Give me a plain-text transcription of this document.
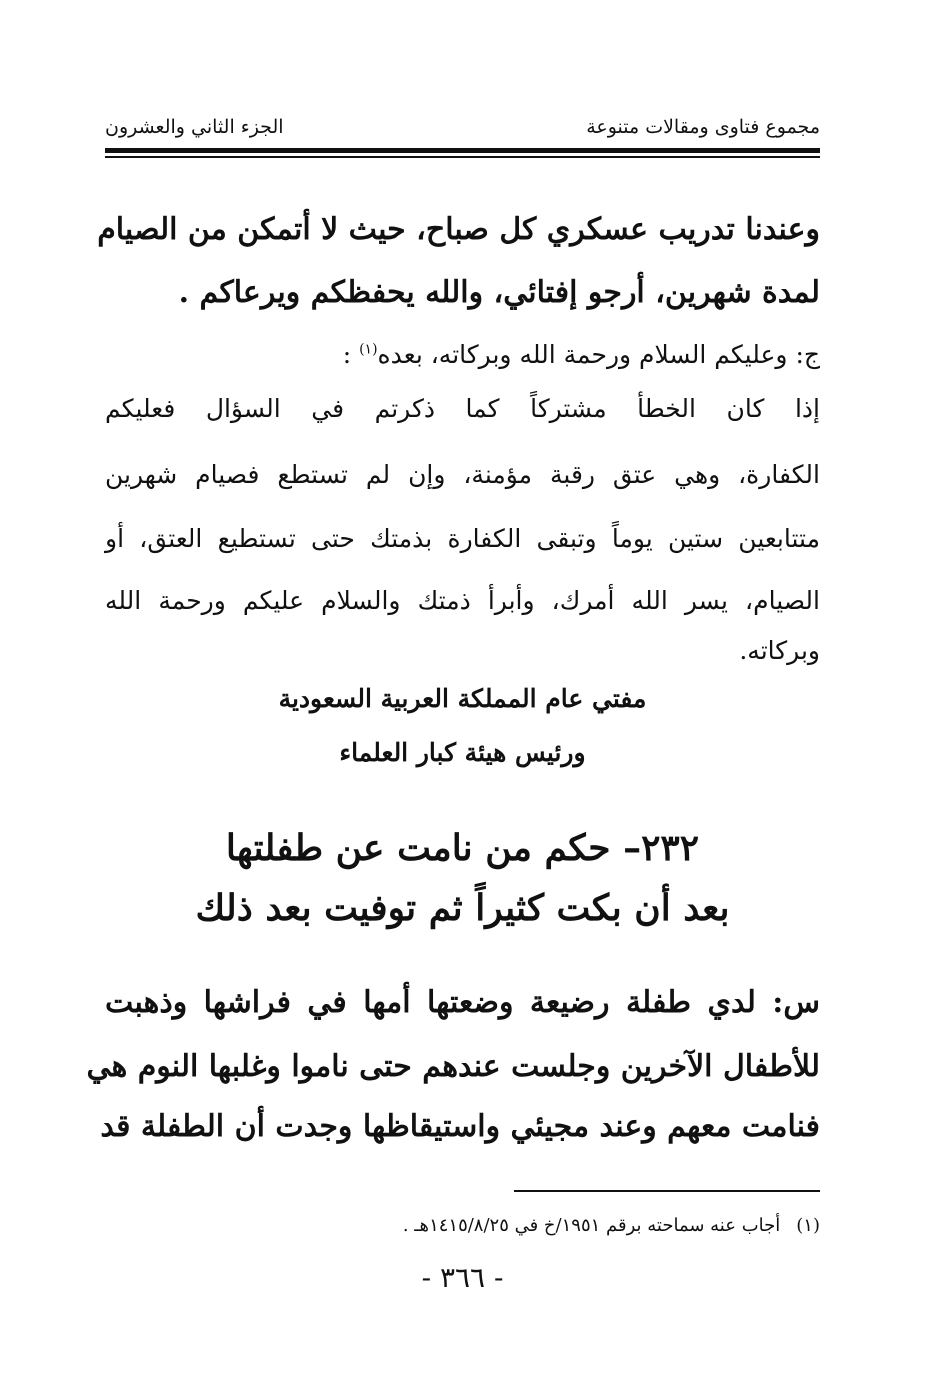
مجموع فتاوى ومقالات متنوعة
الجزء الثاني والعشرون
وعندنا تدريب عسكري كل صباح، حيث لا أتمكن من الصيام
لمدة شهرين، أرجو إفتائي، والله يحفظكم ويرعاكم .
ج: وعليكم السلام ورحمة الله وبركاته، بعده$^{(١)}$ :
إذا كان الخطأ مشتركاً كما ذكرتم في السؤال فعليكم
الكفارة، وهي عتق رقبة مؤمنة، وإن لم تستطع فصيام شهرين
متتابعين ستين يوماً وتبقى الكفارة بذمتك حتى تستطيع العتق، أو
الصيام، يسر الله أمرك، وأبرأ ذمتك والسلام عليكم ورحمة الله
وبركاته.
مفتي عام المملكة العربية السعودية
ورئيس هيئة كبار العلماء
٢٣٢– حكم من نامت عن طفلتها
بعد أن بكت كثيراً ثم توفيت بعد ذلك
س: لدي طفلة رضيعة وضعتها أمها في فراشها وذهبت
للأطفال الآخرين وجلست عندهم حتى ناموا وغلبها النوم هي
فنامت معهم وعند مجيئي واستيقاظها وجدت أن الطفلة قد
(١)أجاب عنه سماحته برقم ١٩٥١/خ في ١٤١٥/٨/٢٥هـ .
- ٣٦٦ -
